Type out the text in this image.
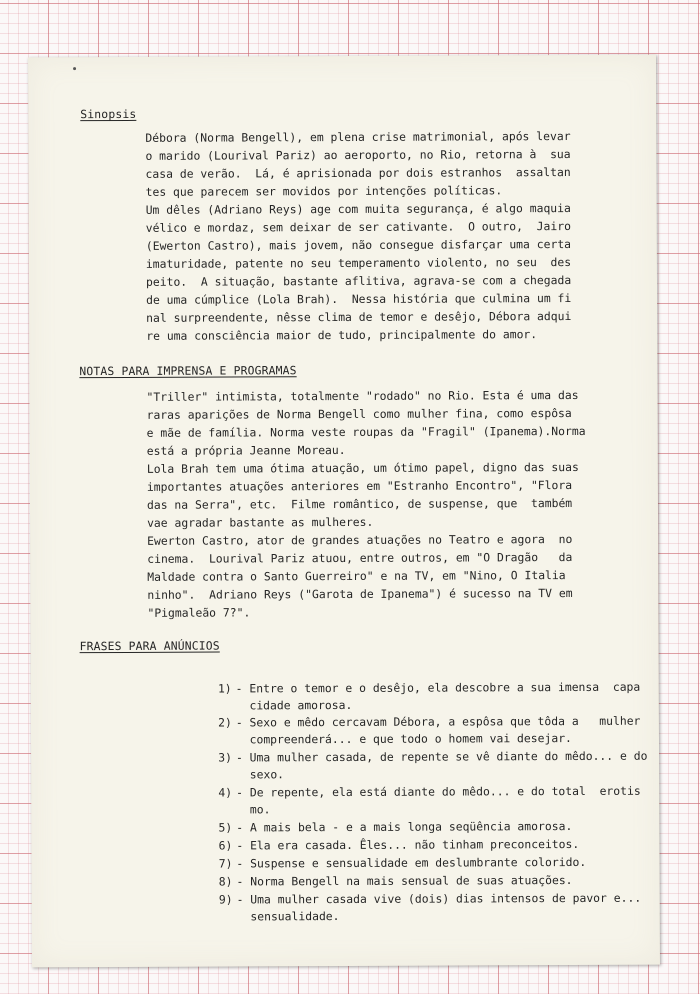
Sinopsis

Débora (Norma Bengell), em plena crise matrimonial, após levar
o marido (Lourival Pariz) ao aeroporto, no Rio, retorna à  sua
casa de verão.  Lá, é aprisionada por dois estranhos  assaltan
tes que parecem ser movidos por intenções políticas.
Um dêles (Adriano Reys) age com muita segurança, é algo maquia
vélico e mordaz, sem deixar de ser cativante.  O outro,  Jairo
(Ewerton Castro), mais jovem, não consegue disfarçar uma certa
imaturidade, patente no seu temperamento violento, no seu  des
peito.  A situação, bastante aflitiva, agrava-se com a chegada
de uma cúmplice (Lola Brah).  Nessa história que culmina um fi
nal surpreendente, nêsse clima de temor e desêjo, Débora adqui
re uma consciência maior de tudo, principalmente do amor.

NOTAS PARA IMPRENSA E PROGRAMAS

"Triller" intimista, totalmente "rodado" no Rio. Esta é uma das
raras aparições de Norma Bengell como mulher fina, como espôsa
e mãe de família. Norma veste roupas da "Fragil" (Ipanema).Norma
está a própria Jeanne Moreau.
Lola Brah tem uma ótima atuação, um ótimo papel, digno das suas
importantes atuações anteriores em "Estranho Encontro", "Flora
das na Serra", etc.  Filme romântico, de suspense, que  também
vae agradar bastante as mulheres.
Ewerton Castro, ator de grandes atuações no Teatro e agora  no
cinema.  Lourival Pariz atuou, entre outros, em "O Dragão   da
Maldade contra o Santo Guerreiro" e na TV, em "Nino, O Italia
ninho".  Adriano Reys ("Garota de Ipanema") é sucesso na TV em
"Pigmaleão 7?".

FRASES PARA ANÚNCIOS

1) - Entre o temor e o desêjo, ela descobre a sua imensa  capa
cidade amorosa.

2) - Sexo e mêdo cercavam Débora, a espôsa que tôda a   mulher
compreenderá... e que todo o homem vai desejar.

3) - Uma mulher casada, de repente se vê diante do mêdo... e do
sexo.

4) - De repente, ela está diante do mêdo... e do total  erotis
mo.

5) - A mais bela - e a mais longa seqüência amorosa.

6) - Ela era casada. Êles... não tinham preconceitos.

7) - Suspense e sensualidade em deslumbrante colorido.

8) - Norma Bengell na mais sensual de suas atuações.

9) - Uma mulher casada vive (dois) dias intensos de pavor e...
sensualidade.
